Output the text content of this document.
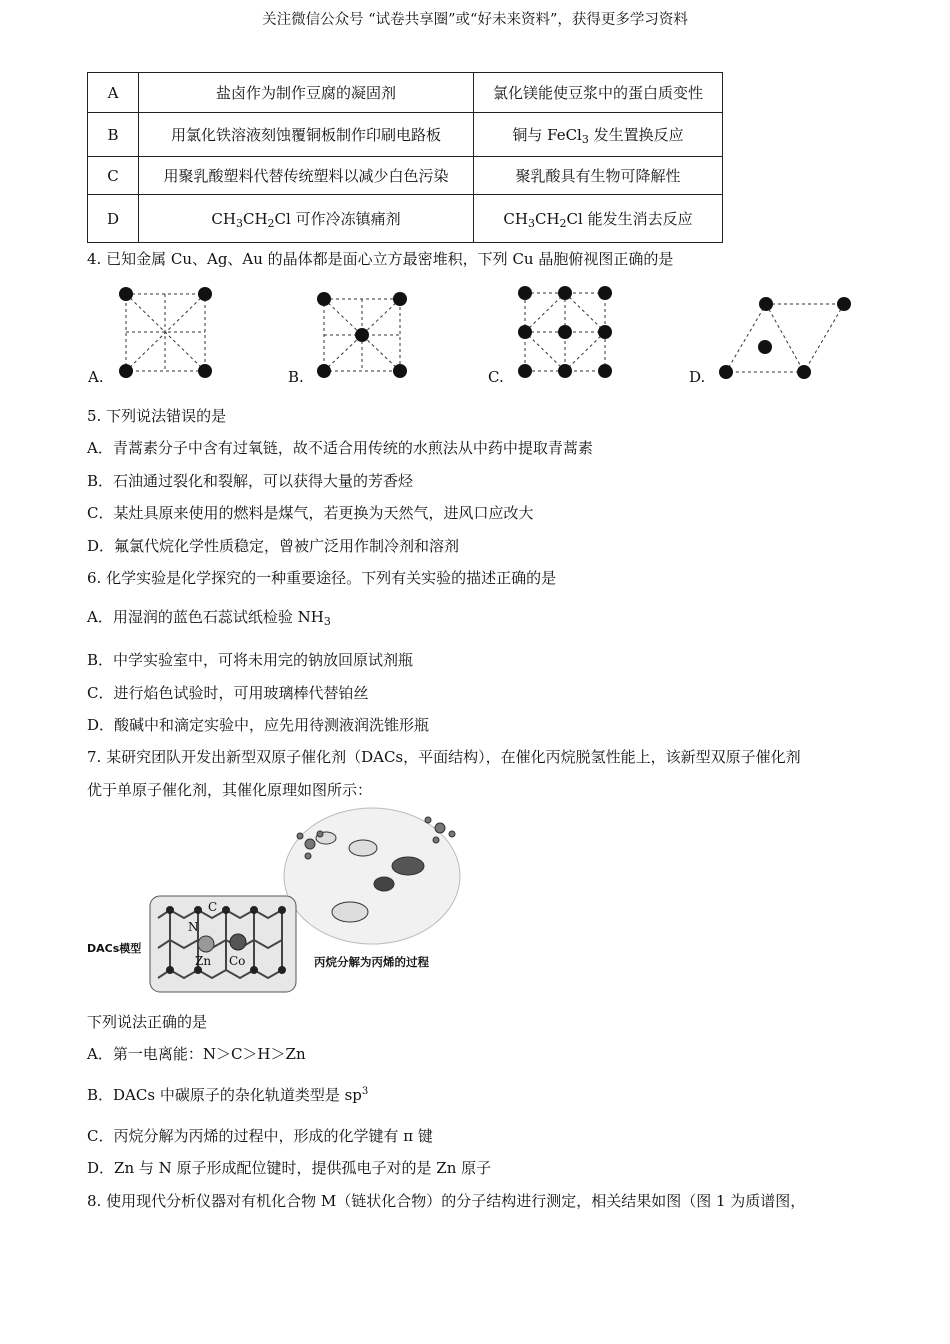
关注微信公众号 “试卷共享圈”或“好未来资料”，获得更多学习资料
A	盐卤作为制作豆腐的凝固剂	氯化镁能使豆浆中的蛋白质变性
B	用氯化铁溶液刻蚀覆铜板制作印刷电路板	铜与 FeCl$_3$ 发生置换反应
C	用聚乳酸塑料代替传统塑料以减少白色污染	聚乳酸具有生物可降解性
D	$CH_3CH_2Cl$ 可作冷冻镇痛剂	$CH_3CH_2Cl$ 能发生消去反应
4. 已知金属 Cu、Ag、Au 的晶体都是面心立方最密堆积，下列 Cu 晶胞俯视图正确的是
A.	B.	C.	D.
5. 下列说法错误的是
A．青蒿素分子中含有过氧链，故不适合用传统的水煎法从中药中提取青蒿素
B．石油通过裂化和裂解，可以获得大量的芳香烃
C．某灶具原来使用的燃料是煤气，若更换为天然气，进风口应改大
D．氟氯代烷化学性质稳定，曾被广泛用作制冷剂和溶剂
6. 化学实验是化学探究的一种重要途径。下列有关实验的描述正确的是
A．用湿润的蓝色石蕊试纸检验 $NH_3$
B．中学实验室中，可将未用完的钠放回原试剂瓶
C．进行焰色试验时，可用玻璃棒代替铂丝
D．酸碱中和滴定实验中，应先用待测液润洗锥形瓶
7. 某研究团队开发出新型双原子催化剂（DACs，平面结构），在催化丙烷脱氢性能上，该新型双原子催化剂
优于单原子催化剂，其催化原理如图所示：
DACs模型
丙烷分解为丙烯的过程
C
N
Zn Co
下列说法正确的是
A．第一电离能：N＞C＞H＞Zn
B．DACs 中碳原子的杂化轨道类型是 $sp^3$
C．丙烷分解为丙烯的过程中，形成的化学键有 π 键
D．Zn 与 N 原子形成配位键时，提供孤电子对的是 Zn 原子
8. 使用现代分析仪器对有机化合物 M（链状化合物）的分子结构进行测定，相关结果如图（图 1 为质谱图，
